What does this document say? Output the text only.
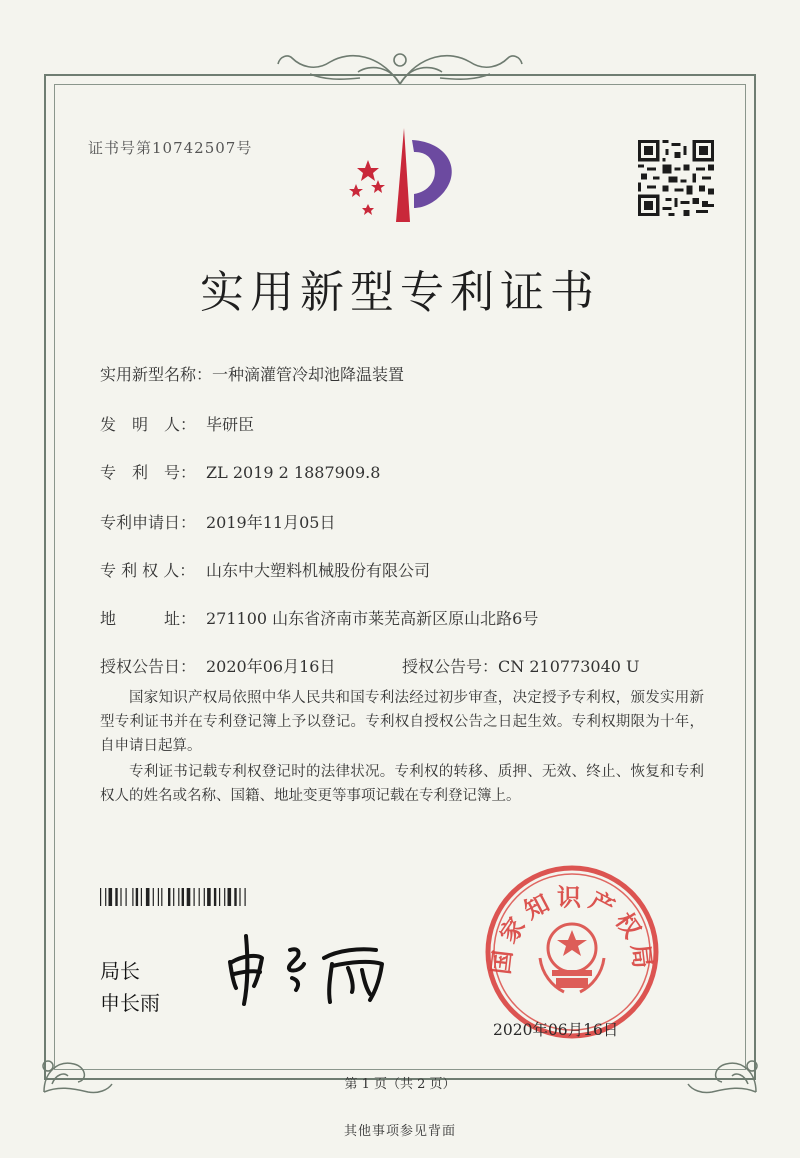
证书号第10742507号
实用新型专利证书
实用新型名称：一种滴灌管冷却池降温装置
发　明　人： 毕研臣
专　利　号： ZL 2019 2 1887909.8
专利申请日： 2019年11月05日
专 利 权 人： 山东中大塑料机械股份有限公司
地　　　址： 271100 山东省济南市莱芜高新区原山北路6号
授权公告日： 2020年06月16日	授权公告号：CN 210773040 U
国家知识产权局依照中华人民共和国专利法经过初步审查，决定授予专利权，颁发实用新型专利证书并在专利登记簿上予以登记。专利权自授权公告之日起生效。专利权期限为十年，自申请日起算。
专利证书记载专利权登记时的法律状况。专利权的转移、质押、无效、终止、恢复和专利权人的姓名或名称、国籍、地址变更等事项记载在专利登记簿上。
局长
申长雨
国家知识产权局
2020年06月16日
第 1 页（共 2 页）
其他事项参见背面
